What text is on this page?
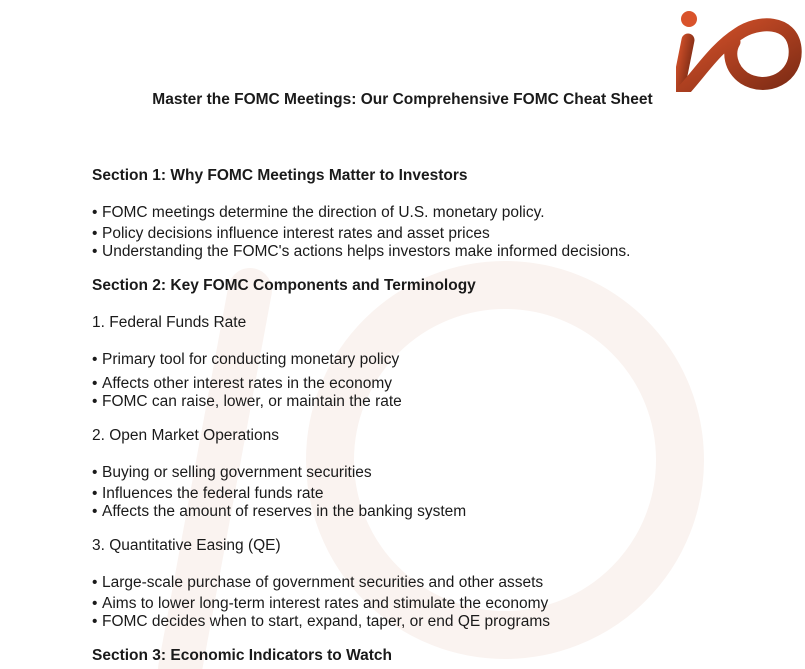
Master the FOMC Meetings: Our Comprehensive FOMC Cheat Sheet
Section 1: Why FOMC Meetings Matter to Investors
• FOMC meetings determine the direction of U.S. monetary policy.
• Policy decisions influence interest rates and asset prices
• Understanding the FOMC's actions helps investors make informed decisions.
Section 2: Key FOMC Components and Terminology
1. Federal Funds Rate
• Primary tool for conducting monetary policy
• Affects other interest rates in the economy
• FOMC can raise, lower, or maintain the rate
2. Open Market Operations
• Buying or selling government securities
• Influences the federal funds rate
• Affects the amount of reserves in the banking system
3. Quantitative Easing (QE)
• Large-scale purchase of government securities and other assets
• Aims to lower long-term interest rates and stimulate the economy
• FOMC decides when to start, expand, taper, or end QE programs
Section 3: Economic Indicators to Watch
